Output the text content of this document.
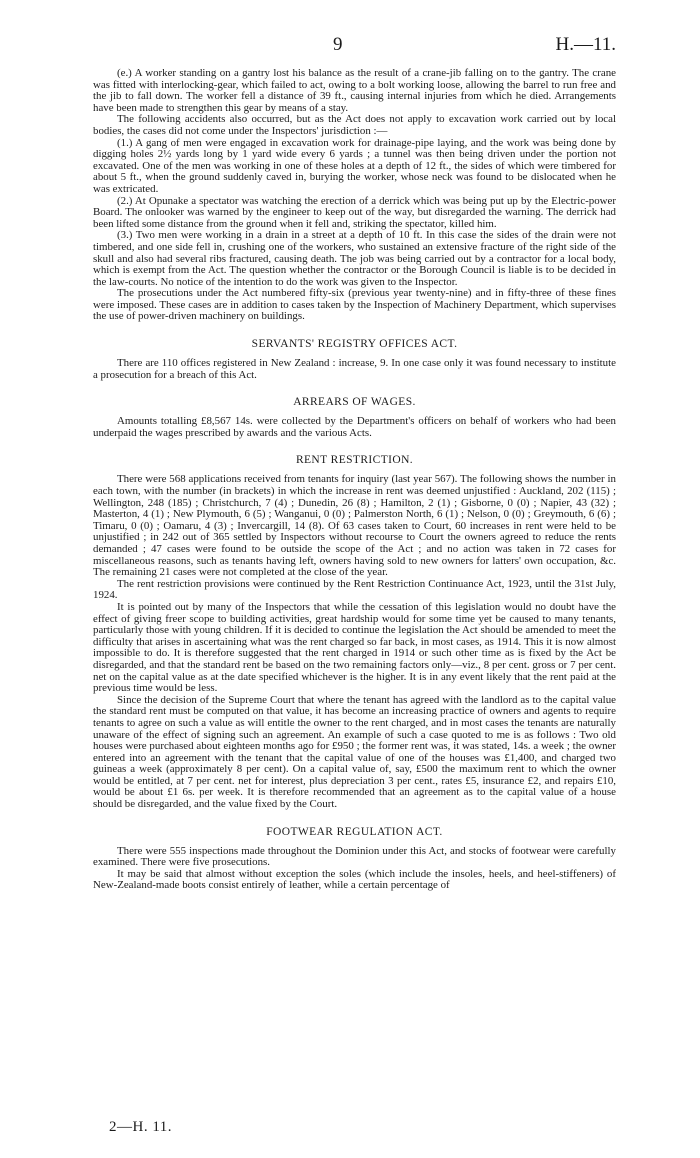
9	H.—11.

(e.) A worker standing on a gantry lost his balance as the result of a crane-jib falling on to the gantry. The crane was fitted with interlocking-gear, which failed to act, owing to a bolt working loose, allowing the barrel to run free and the jib to fall down. The worker fell a distance of 39 ft., causing internal injuries from which he died. Arrangements have been made to strengthen this gear by means of a stay.

The following accidents also occurred, but as the Act does not apply to excavation work carried out by local bodies, the cases did not come under the Inspectors' jurisdiction :—

(1.) A gang of men were engaged in excavation work for drainage-pipe laying, and the work was being done by digging holes 2½ yards long by 1 yard wide every 6 yards ; a tunnel was then being driven under the portion not excavated. One of the men was working in one of these holes at a depth of 12 ft., the sides of which were timbered for about 5 ft., when the ground suddenly caved in, burying the worker, whose neck was found to be dislocated when he was extricated.

(2.) At Opunake a spectator was watching the erection of a derrick which was being put up by the Electric-power Board. The onlooker was warned by the engineer to keep out of the way, but disregarded the warning. The derrick had been lifted some distance from the ground when it fell and, striking the spectator, killed him.

(3.) Two men were working in a drain in a street at a depth of 10 ft. In this case the sides of the drain were not timbered, and one side fell in, crushing one of the workers, who sustained an extensive fracture of the right side of the skull and also had several ribs fractured, causing death. The job was being carried out by a contractor for a local body, which is exempt from the Act. The question whether the contractor or the Borough Council is liable is to be decided in the law-courts. No notice of the intention to do the work was given to the Inspector.

The prosecutions under the Act numbered fifty-six (previous year twenty-nine) and in fifty-three of these fines were imposed. These cases are in addition to cases taken by the Inspection of Machinery Department, which supervises the use of power-driven machinery on buildings.

SERVANTS' REGISTRY OFFICES ACT.

There are 110 offices registered in New Zealand : increase, 9. In one case only it was found necessary to institute a prosecution for a breach of this Act.

ARREARS OF WAGES.

Amounts totalling £8,567 14s. were collected by the Department's officers on behalf of workers who had been underpaid the wages prescribed by awards and the various Acts.

RENT RESTRICTION.

There were 568 applications received from tenants for inquiry (last year 567). The following shows the number in each town, with the number (in brackets) in which the increase in rent was deemed unjustified : Auckland, 202 (115) ; Wellington, 248 (185) ; Christchurch, 7 (4) ; Dunedin, 26 (8) ; Hamilton, 2 (1) ; Gisborne, 0 (0) ; Napier, 43 (32) ; Masterton, 4 (1) ; New Plymouth, 6 (5) ; Wanganui, 0 (0) ; Palmerston North, 6 (1) ; Nelson, 0 (0) ; Greymouth, 6 (6) ; Timaru, 0 (0) ; Oamaru, 4 (3) ; Invercargill, 14 (8). Of 63 cases taken to Court, 60 increases in rent were held to be unjustified ; in 242 out of 365 settled by Inspectors without recourse to Court the owners agreed to reduce the rents demanded ; 47 cases were found to be outside the scope of the Act ; and no action was taken in 72 cases for miscellaneous reasons, such as tenants having left, owners having sold to new owners for latters' own occupation, &c. The remaining 21 cases were not completed at the close of the year.

The rent restriction provisions were continued by the Rent Restriction Continuance Act, 1923, until the 31st July, 1924.

It is pointed out by many of the Inspectors that while the cessation of this legislation would no doubt have the effect of giving freer scope to building activities, great hardship would for some time yet be caused to many tenants, particularly those with young children. If it is decided to continue the legislation the Act should be amended to meet the difficulty that arises in ascertaining what was the rent charged so far back, in most cases, as 1914. This it is now almost impossible to do. It is therefore suggested that the rent charged in 1914 or such other time as is fixed by the Act be disregarded, and that the standard rent be based on the two remaining factors only—viz., 8 per cent. gross or 7 per cent. net on the capital value as at the date specified whichever is the higher. It is in any event likely that the rent paid at the previous time would be less.

Since the decision of the Supreme Court that where the tenant has agreed with the landlord as to the capital value the standard rent must be computed on that value, it has become an increasing practice of owners and agents to require tenants to agree on such a value as will entitle the owner to the rent charged, and in most cases the tenants are naturally unaware of the effect of signing such an agreement. An example of such a case quoted to me is as follows : Two old houses were purchased about eighteen months ago for £950 ; the former rent was, it was stated, 14s. a week ; the owner entered into an agreement with the tenant that the capital value of one of the houses was £1,400, and charged two guineas a week (approximately 8 per cent). On a capital value of, say, £500 the maximum rent to which the owner would be entitled, at 7 per cent. net for interest, plus depreciation 3 per cent., rates £5, insurance £2, and repairs £10, would be about £1 6s. per week. It is therefore recommended that an agreement as to the capital value of a house should be disregarded, and the value fixed by the Court.

FOOTWEAR REGULATION ACT.

There were 555 inspections made throughout the Dominion under this Act, and stocks of footwear were carefully examined. There were five prosecutions.

It may be said that almost without exception the soles (which include the insoles, heels, and heel-stiffeners) of New-Zealand-made boots consist entirely of leather, while a certain percentage of

2—H. 11.
